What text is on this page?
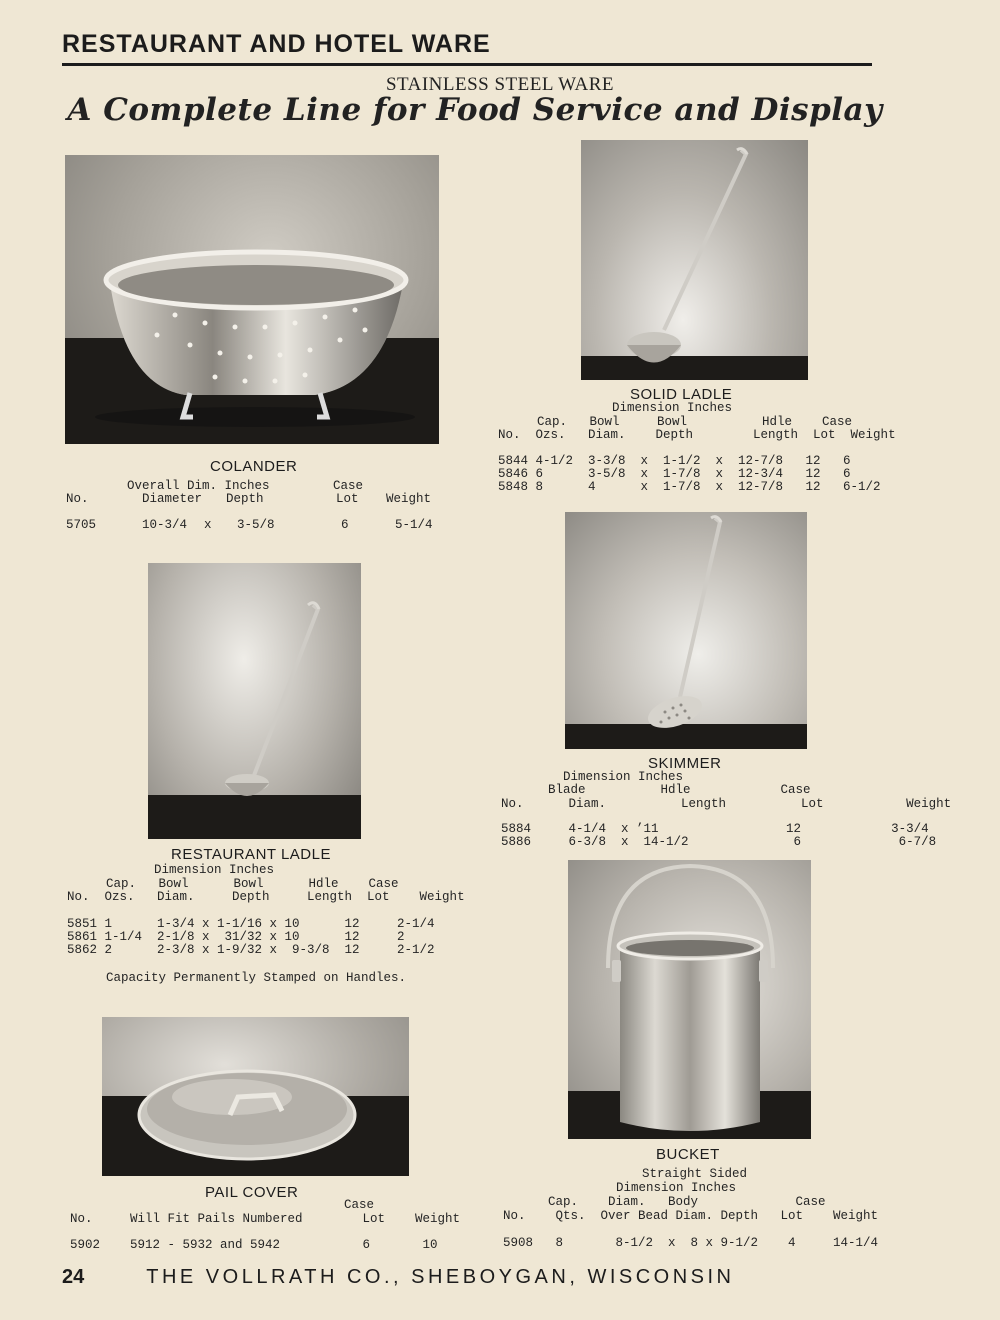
RESTAURANT AND HOTEL WARE
STAINLESS STEEL WARE
A Complete Line for Food Service and Display
COLANDER
Overall Dim. Inches	Case
No.	Diameter Depth	Lot Weight
5705	10-3/4 x 3-5/8	6	5-1/4
SOLID LADLE
Dimension Inches
Cap.   Bowl     Bowl          Hdle    Case
No.  Ozs.   Diam.    Depth        Length  Lot  Weight
5844 4-1/2  3-3/8  x  1-1/2  x  12-7/8   12   6
5846 6      3-5/8  x  1-7/8  x  12-3/4   12   6
5848 8      4      x  1-7/8  x  12-7/8   12   6-1/2
SKIMMER
Dimension Inches
Blade          Hdle            Case
No.      Diam.          Length          Lot           Weight
5884     4-1/4  x ’11                 12            3-3/4
5886     6-3/8  x  14-1/2              6             6-7/8
RESTAURANT LADLE
Dimension Inches
Cap.   Bowl      Bowl      Hdle    Case
No.  Ozs.   Diam.     Depth     Length  Lot    Weight
5851 1      1-3/4 x 1-1/16 x 10      12     2-1/4
5861 1-1/4  2-1/8 x  31/32 x 10      12     2
5862 2      2-3/8 x 1-9/32 x  9-3/8  12     2-1/2
Capacity Permanently Stamped on Handles.
PAIL COVER
Case
No.     Will Fit Pails Numbered        Lot    Weight
5902    5912 - 5932 and 5942           6       10
BUCKET
Straight Sided
Dimension Inches
Cap.    Diam.   Body             Case
No.    Qts.  Over Bead Diam. Depth   Lot    Weight
5908   8       8-1/2  x  8 x 9-1/2    4     14-1/4
24	THE VOLLRATH CO., SHEBOYGAN, WISCONSIN
